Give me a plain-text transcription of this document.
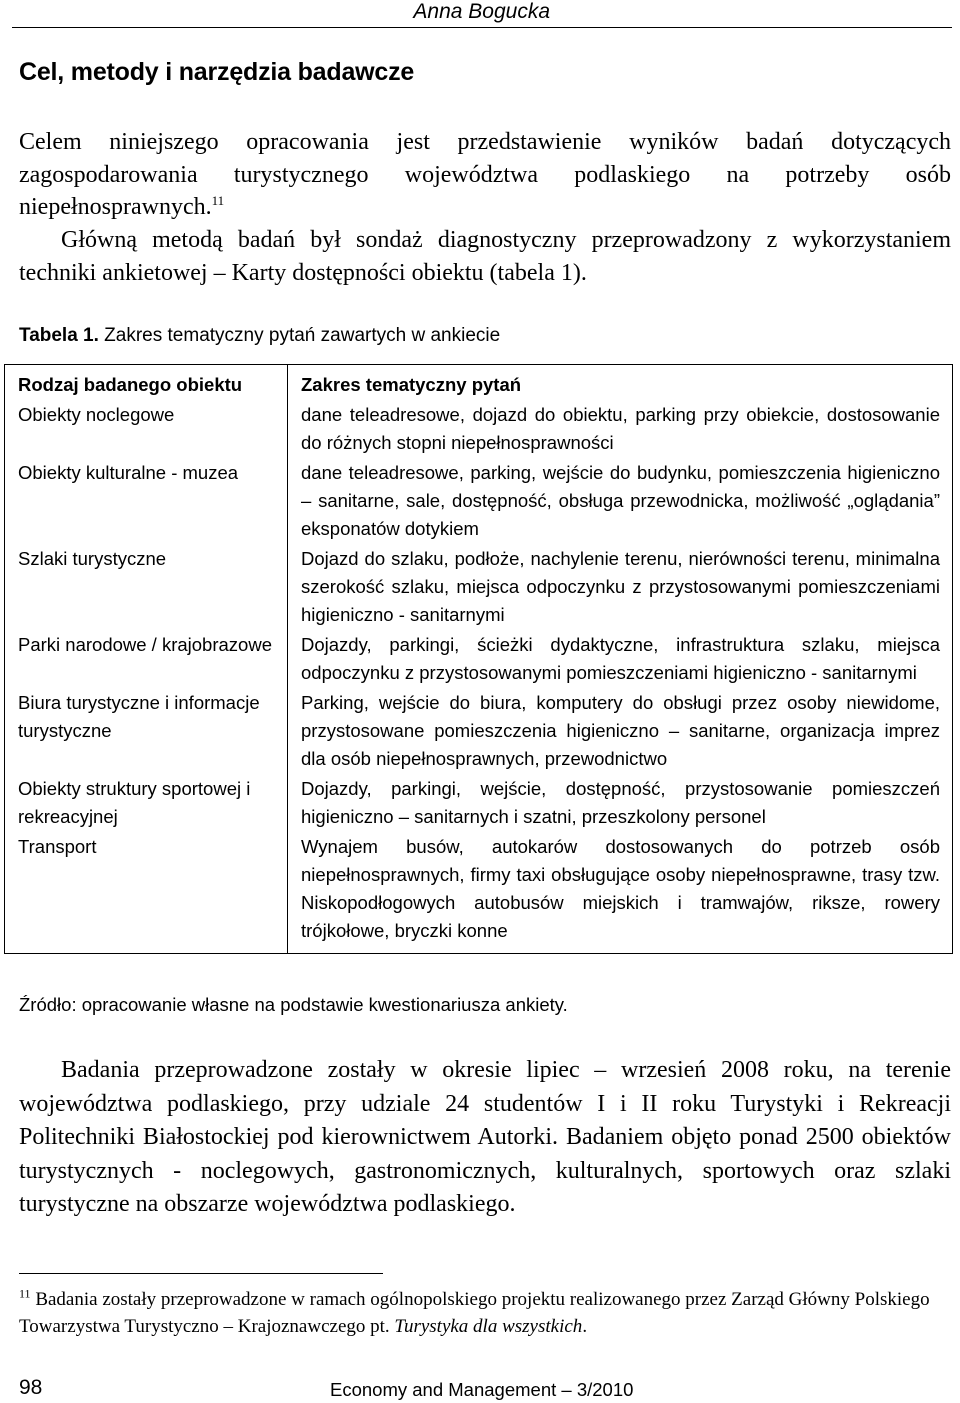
Anna Bogucka
Cel, metody i narzędzia badawcze

Celem niniejszego opracowania jest przedstawienie wyników badań dotyczących zagospodarowania turystycznego województwa podlaskiego na potrzeby osób niepełnosprawnych.$^{11}$

Główną metodą badań był sondaż diagnostyczny przeprowadzony z wykorzystaniem techniki ankietowej – Karty dostępności obiektu (tabela 1).

Tabela 1. Zakres tematyczny pytań zawartych w ankiecie
Rodzaj badanego obiektu	Zakres tematyczny pytań
Obiekty noclegowe	dane teleadresowe, dojazd do obiektu, parking przy obiekcie, dostosowanie do różnych stopni niepełnosprawności
Obiekty kulturalne - muzea	dane teleadresowe, parking, wejście do budynku, pomieszczenia higieniczno – sanitarne, sale, dostępność, obsługa przewodnicka, możliwość „oglądania” eksponatów dotykiem
Szlaki turystyczne	Dojazd do szlaku, podłoże, nachylenie terenu, nierówności terenu, minimalna szerokość szlaku, miejsca odpoczynku z przystosowanymi pomieszczeniami higieniczno - sanitarnymi
Parki narodowe / krajobrazowe	Dojazdy, parkingi, ścieżki dydaktyczne, infrastruktura szlaku, miejsca odpoczynku z przystosowanymi pomieszczeniami higieniczno - sanitarnymi
Biura turystyczne i informacje turystyczne	Parking, wejście do biura, komputery do obsługi przez osoby niewidome, przystosowane pomieszczenia higieniczno – sanitarne, organizacja imprez dla osób niepełnosprawnych, przewodnictwo
Obiekty struktury sportowej i rekreacyjnej	Dojazdy, parkingi, wejście, dostępność, przystosowanie pomieszczeń higieniczno – sanitarnych i szatni, przeszkolony personel
Transport	Wynajem busów, autokarów dostosowanych do potrzeb osób niepełnosprawnych, firmy taxi obsługujące osoby niepełnosprawne, trasy tzw. Niskopodłogowych autobusów miejskich i tramwajów, riksze, rowery trójkołowe, bryczki konne
Źródło: opracowanie własne na podstawie kwestionariusza ankiety.

Badania przeprowadzone zostały w okresie lipiec – wrzesień 2008 roku, na terenie województwa podlaskiego, przy udziale 24 studentów I i II roku Turystyki i Rekreacji Politechniki Białostockiej pod kierownictwem Autorki. Badaniem objęto ponad 2500 obiektów turystycznych - noclegowych, gastronomicznych, kulturalnych, sportowych oraz szlaki turystyczne na obszarze województwa podlaskiego.

$^{11}$ Badania zostały przeprowadzone w ramach ogólnopolskiego projektu realizowanego przez Zarząd Główny Polskiego Towarzystwa Turystyczno – Krajoznawczego pt. Turystyka dla wszystkich.
98	Economy and Management – 3/2010
